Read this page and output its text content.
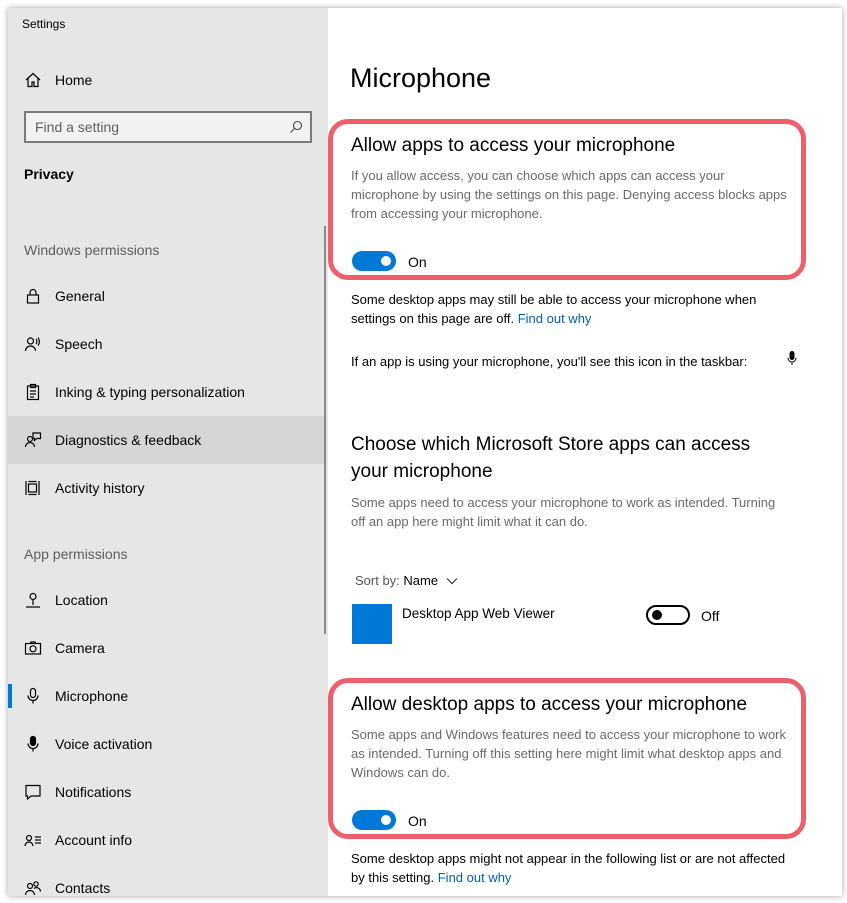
Settings
Home
Find a setting
Privacy
Windows permissions
General
Speech
Inking & typing personalization
Diagnostics & feedback
Activity history
App permissions
Location
Camera
Microphone
Voice activation
Notifications
Account info
Contacts
Microphone
Allow apps to access your microphone
If you allow access, you can choose which apps can access your microphone by using the settings on this page. Denying access blocks apps from accessing your microphone.
On
Some desktop apps may still be able to access your microphone when settings on this page are off. Find out why
If an app is using your microphone, you'll see this icon in the taskbar:
Choose which Microsoft Store apps can access your microphone
Some apps need to access your microphone to work as intended. Turning off an app here might limit what it can do.
Sort by: Name
Desktop App Web Viewer	Off
Allow desktop apps to access your microphone
Some apps and Windows features need to access your microphone to work as intended. Turning off this setting here might limit what desktop apps and Windows can do.
On
Some desktop apps might not appear in the following list or are not affected by this setting. Find out why
